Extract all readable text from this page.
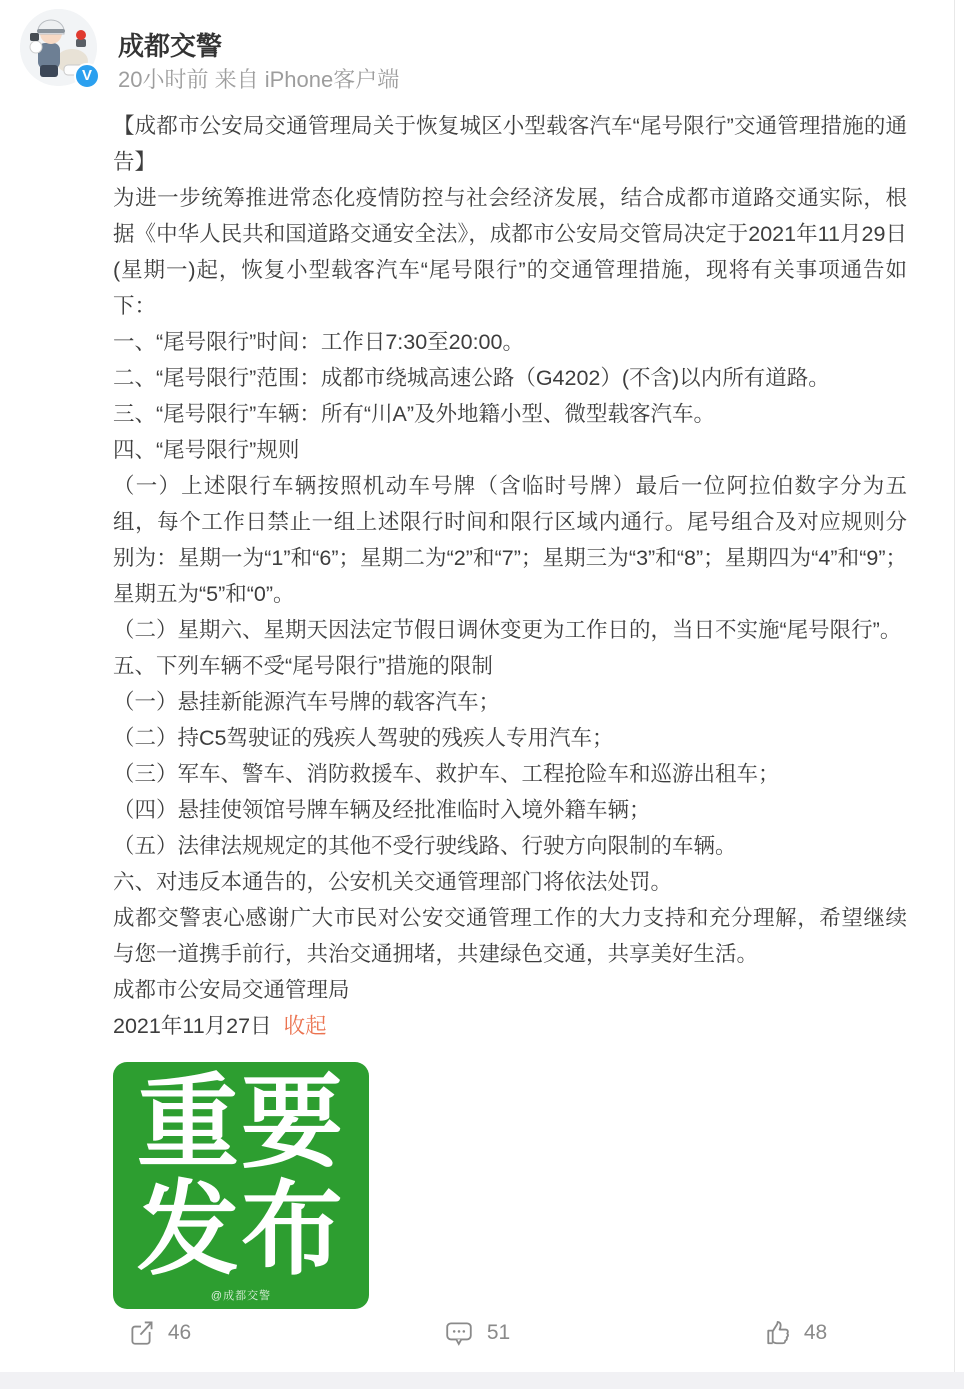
V
成都交警
20小时前 来自 iPhone客户端

【成都市公安局交通管理局关于恢复城区小型载客汽车“尾号限行”交通管理措施的通告】

为进一步统筹推进常态化疫情防控与社会经济发展，结合成都市道路交通实际，根据《中华人民共和国道路交通安全法》，成都市公安局交管局决定于2021年11月29日(星期一)起，恢复小型载客汽车“尾号限行”的交通管理措施，现将有关事项通告如下：

一、“尾号限行”时间：工作日7:30至20:00。

二、“尾号限行”范围：成都市绕城高速公路（G4202）(不含)以内所有道路。

三、“尾号限行”车辆：所有“川A”及外地籍小型、微型载客汽车。

四、“尾号限行”规则

（一）上述限行车辆按照机动车号牌（含临时号牌）最后一位阿拉伯数字分为五组，每个工作日禁止一组上述限行时间和限行区域内通行。尾号组合及对应规则分别为：星期一为“1”和“6”；星期二为“2”和“7”；星期三为“3”和“8”；星期四为“4”和“9”；星期五为“5”和“0”。

（二）星期六、星期天因法定节假日调休变更为工作日的，当日不实施“尾号限行”。

五、下列车辆不受“尾号限行”措施的限制

（一）悬挂新能源汽车号牌的载客汽车；

（二）持C5驾驶证的残疾人驾驶的残疾人专用汽车；

（三）军车、警车、消防救援车、救护车、工程抢险车和巡游出租车；

（四）悬挂使领馆号牌车辆及经批准临时入境外籍车辆；

（五）法律法规规定的其他不受行驶线路、行驶方向限制的车辆。

六、对违反本通告的，公安机关交通管理部门将依法处罚。

成都交警衷心感谢广大市民对公安交通管理工作的大力支持和充分理解，希望继续与您一道携手前行，共治交通拥堵，共建绿色交通，共享美好生活。

成都市公安局交通管理局

2021年11月27日 收起

重要
发布
@成都交警
46	51	48
